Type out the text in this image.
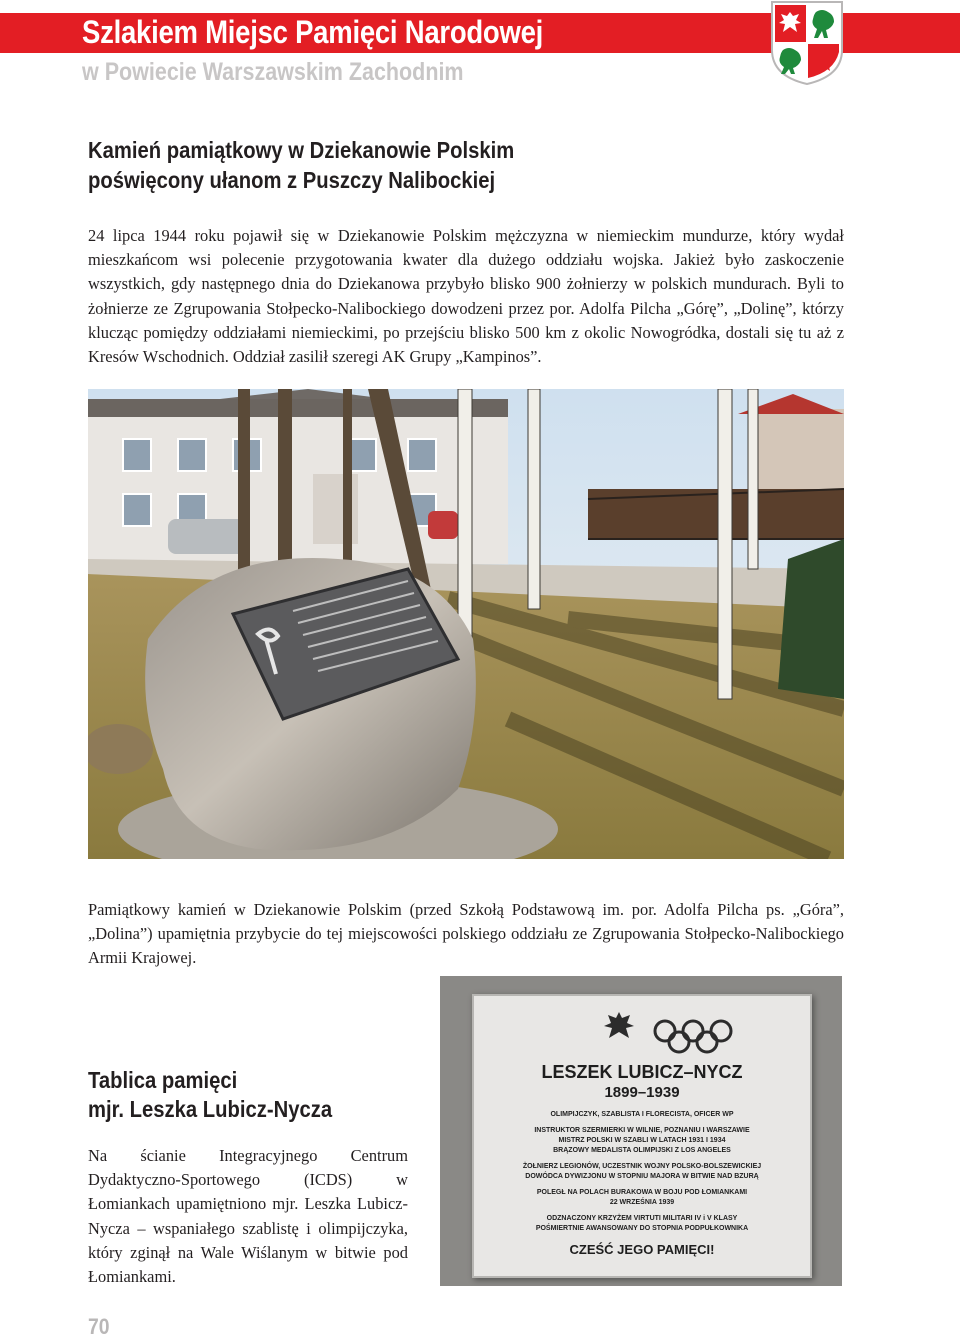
Szlakiem Miejsc Pamięci Narodowej
w Powiecie Warszawskim Zachodnim
Kamień pamiątkowy w Dziekanowie Polskim
poświęcony ułanom z Puszczy Nalibockiej

24 lipca 1944 roku pojawił się w Dziekanowie Polskim mężczyzna w niemieckim mundurze, który wydał mieszkańcom wsi polecenie przygotowania kwater dla dużego oddziału wojska. Jakież było zaskoczenie wszystkich, gdy następnego dnia do Dziekanowa przybyło blisko 900 żołnierzy w polskich mundurach. Byli to żołnierze ze Zgrupowania Stołpecko-Nalibockiego dowodzeni przez por. Adolfa Pilcha „Górę”, „Dolinę”, którzy klucząc pomiędzy oddziałami niemieckimi, po przejściu blisko 500 km z okolic Nowogródka, dostali się tu aż z Kresów Wschodnich. Oddział zasilił szeregi AK Grupy „Kampinos”.

Pamiątkowy kamień w Dziekanowie Polskim (przed Szkołą Podstawową im. por. Adolfa Pilcha ps. „Góra”, „Dolina”) upamiętnia przybycie do tej miejscowości polskiego oddziału ze Zgrupowania Stołpecko-Nalibockiego Armii Krajowej.

Tablica pamięci
mjr. Leszka Lubicz-Nycza

Na ścianie Integracyjnego Centrum Dydaktyczno-Sportowego (ICDS) w Łomiankach upamiętniono mjr. Leszka Lubicz-Nycza – wspaniałego szablistę i olimpijczyka, który zginął na Wale Wiślanym w bitwie pod Łomiankami.

LESZEK LUBICZ–NYCZ
1899–1939
OLIMPIJCZYK, SZABLISTA I FLORECISTA, OFICER WP
INSTRUKTOR SZERMIERKI W WILNIE, POZNANIU I WARSZAWIE
MISTRZ POLSKI W SZABLI W LATACH 1931 I 1934
BRĄZOWY MEDALISTA OLIMPIJSKI Z LOS ANGELES
ŻOŁNIERZ LEGIONÓW, UCZESTNIK WOJNY POLSKO-BOLSZEWICKIEJ
DOWÓDCA DYWIZJONU W STOPNIU MAJORA W BITWIE NAD BZURĄ
POLEGŁ NA POLACH BURAKOWA W BOJU POD ŁOMIANKAMI
22 WRZEŚNIA 1939
ODZNACZONY KRZYŻEM VIRTUTI MILITARI IV i V KLASY
POŚMIERTNIE AWANSOWANY DO STOPNIA PODPUŁKOWNIKA
CZEŚĆ JEGO PAMIĘCI!
70
